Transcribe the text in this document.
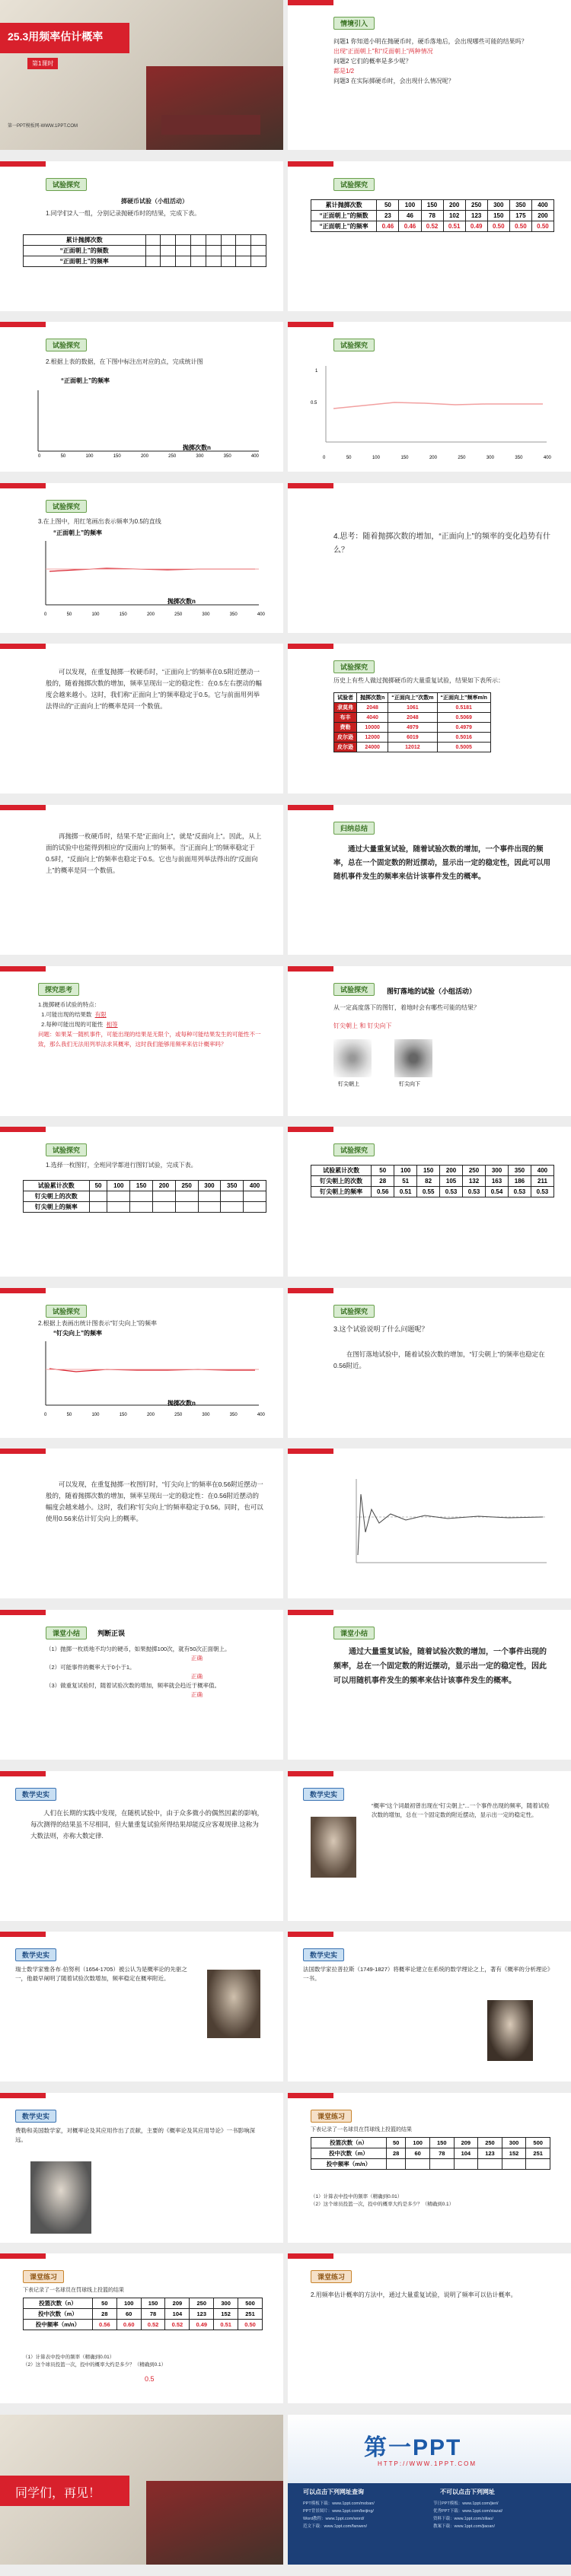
25.3用频率估计概率
第1课时
第一PPT模板网-WWW.1PPT.COM
情境引入
问题1 你知道小明在抛硬币时，硬币落地后，会出现哪些可能的结果吗？
出现“正面朝上”和“反面朝上”两种情况
问题2 它们的概率是多少呢？
都是1/2
问题3 在实际掷硬币时，会出现什么情况呢？
试验探究
掷硬币试验（小组活动）
1.同学们2人一组，分别记录抛硬币时的结果，完成下表。
累计抛掷次数								
“正面朝上”的频数								
“正面朝上”的频率								
试验探究
累计抛掷次数	50	100	150	200	250	300	350	400
“正面朝上”的频数	23	46	78	102	123	150	175	200
“正面朝上”的频率	0.46	0.46	0.52	0.51	0.49	0.50	0.50	0.50
试验探究
2.根据上表的数据，在下图中标注出对应的点，完成统计图
“正面朝上”的频率
抛掷次数n
0	50	100	150	200	250	300	350	400
试验探究
1
0.5
0	50	100	150	200	250	300	350	400
试验探究
3.在上图中，用红笔画出表示频率为0.5的直线
“正面朝上”的频率
抛掷次数n
0	50	100	150	200	250	300	350	400
4.思考：随着抛掷次数的增加，“正面向上”的频率的变化趋势有什么？
可以发现，在重复抛掷一枚硬币时，“正面向上”的频率在0.5附近摆动一般的，随着抛掷次数的增加，频率呈现出一定的稳定性：在0.5左右摆动的幅度会越来越小。这时，我们称“正面向上”的频率稳定于0.5。它与前面用列举法得出的“正面向上”的概率是同一个数值。
试验探究
历史上有些人做过抛掷硬币的大量重复试验，结果如下表所示：
试验者	抛掷次数n	“正面向上”次数m	“正面向上”频率m/n
隶莫弗	2048	1061	0.5181
布丰	4040	2048	0.5069
费勒	10000	4979	0.4979
皮尔逊	12000	6019	0.5016
皮尔逊	24000	12012	0.5005
再抛掷一枚硬币时，结果不是“正面向上”，就是“反面向上”。因此，从上面的试验中也能得到相应的“反面向上”的频率。当“正面向上”的频率稳定于0.5时，“反面向上”的频率也稳定于0.5。它也与前面用列举法得出的“反面向上”的概率是同一个数值。
归纳总结
通过大量重复试验，随着试验次数的增加，一个事件出现的频率，总在一个固定数的附近摆动，显示出一定的稳定性，因此可以用随机事件发生的频率来估计该事件发生的概率。
探究思考
1.抛掷硬币试验的特点：
1.可能出现的结果数 有限
2.每种可能出现的可能性 相等
问题：如果某一随机事件，可能出现的结果是无限个，或每种可能结果发生的可能性不一致，那么我们无法用列举法求其概率，这时我们能够用频率来估计概率吗？
试验探究	图钉落地的试验（小组活动）
从一定高度落下的图钉，着地时会有哪些可能的结果？
钉尖朝上 和 钉尖向下
钉尖朝上	钉尖向下
试验探究
1.选择一枚图钉，全班同学都进行图钉试验，完成下表。
试验累计次数	50	100	150	200	250	300	350	400
钉尖朝上的次数								
钉尖朝上的频率								
试验探究
试验累计次数	50	100	150	200	250	300	350	400
钉尖朝上的次数	28	51	82	105	132	163	186	211
钉尖朝上的频率	0.56	0.51	0.55	0.53	0.53	0.54	0.53	0.53
试验探究
2.根据上表画出统计图表示“钉尖向上”的频率
“钉尖向上”的频率
抛掷次数n
0	50	100	150	200	250	300	350	400
试验探究
3.这个试验说明了什么问题呢？
在图钉落地试验中，随着试验次数的增加，“钉尖朝上”的频率也稳定在0.56附近。
可以发现，在重复抛掷一枚图钉时，“钉尖向上”的频率在0.56附近摆动一般的，随着抛掷次数的增加，频率呈现出一定的稳定性：在0.56附近摆动的幅度会越来越小。这时，我们称“钉尖向上”的频率稳定于0.56。同时，也可以使用0.56来估计钉尖向上的概率。
课堂小结	判断正误
（1）抛掷一枚质地不均匀的硬币，如果抛掷100次，就有50次正面朝上。
正确
（2）可能事件的概率大于0小于1。
正确
（3）做重复试验时，随着试验次数的增加，频率就会趋近于概率值。
正确
课堂小结
通过大量重复试验，随着试验次数的增加，一个事件出现的频率，总在一个固定数的附近摆动，显示出一定的稳定性，因此可以用随机事件发生的频率来估计该事件发生的概率。
数学史实
人们在长期的实践中发现，在随机试验中，由于众多微小的偶然因素的影响，每次测得的结果虽不尽相同，但大量重复试验所得结果却能反应客观规律.这称为大数法则，亦称大数定律.
数学史实
“概率”这个词最初曾出现在“钉尖朝上”...一个事件出现的频率，随着试验次数的增加，总在一个固定数的附近摆动，显示出一定的稳定性。
数学史实
瑞士数学家雅各布·伯努利（1654-1705）被公认为是概率论的先驱之一，他最早阐明了随着试验次数增加，频率稳定在概率附近。
数学史实
法国数学家拉普拉斯（1749-1827）将概率论建立在系统的数学理论之上，著有《概率的分析理论》一书。
数学史实
费勒和美国数学家，对概率论及其应用作出了贡献，主要的《概率论及其应用导论》一书影响深远。
课堂练习
下表记录了一名球员在罚球线上投篮的结果
投篮次数（n）	50	100	150	209	250	300	500
投中次数（m）	28	60	78	104	123	152	251
投中频率（m/n）							
（1）计算表中投中的频率（精确到0.01）
（2）这个球员投篮一次，投中的概率大约是多少？（精确到0.1）
课堂练习
下表记录了一名球员在罚球线上投篮的结果
投篮次数（n）	50	100	150	209	250	300	500
投中次数（m）	28	60	78	104	123	152	251
投中频率（m/n）	0.56	0.60	0.52	0.52	0.49	0.51	0.50
（1）计算表中投中的频率（精确到0.01）
（2）这个球员投篮一次，投中的概率大约是多少？（精确到0.1）
0.5
课堂练习
2.用频率估计概率的方法中，通过大量重复试验，说明了频率可以估计概率。
同学们，再见！
第一PPT
HTTP://WWW.1PPT.COM
可以点击下列网址查询	不可以点击下列网址
PPT模板下载：www.1ppt.com/moban/	节日PPT模板：www.1ppt.com/jieri/
PPT背景图片：www.1ppt.com/beijing/	优秀PPT下载：www.1ppt.com/xiazai/
Word教程：www.1ppt.com/word/	资料下载：www.1ppt.com/ziliao/
范文下载：www.1ppt.com/fanwen/	教案下载：www.1ppt.com/jiaoan/
